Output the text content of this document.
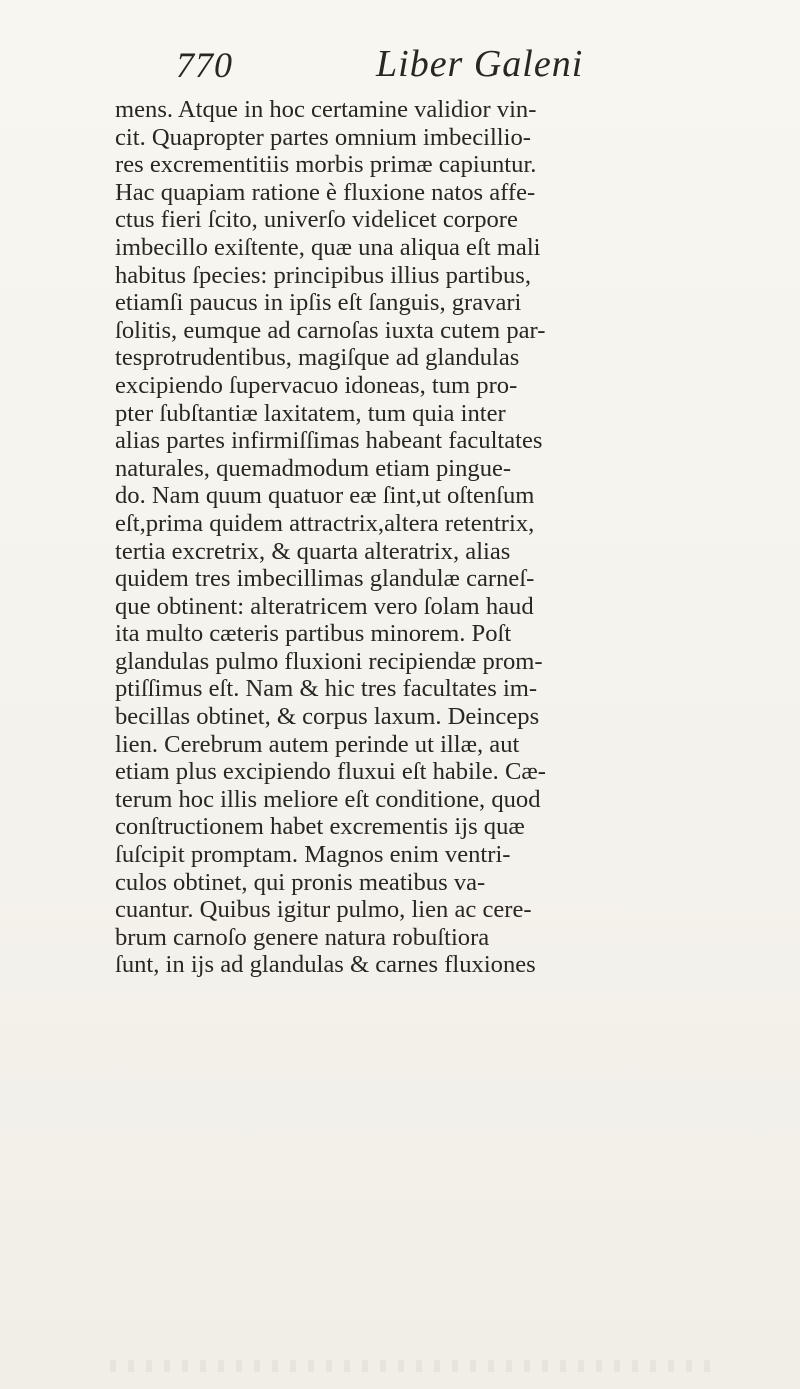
770	Liber Galeni
mens. Atque in hoc certamine validior vin-
cit. Quapropter partes omnium imbecillio-
res excrementitiis morbis primæ capiuntur.
Hac quapiam ratione è fluxione natos affe-
ctus fieri ſcito, univerſo videlicet corpore
imbecillo exiſtente, quæ una aliqua eſt mali
habitus ſpecies: principibus illius partibus,
etiamſi paucus in ipſis eſt ſanguis, gravari
ſolitis, eumque ad carnoſas iuxta cutem par-
tesprotrudentibus, magiſque ad glandulas
excipiendo ſupervacuo idoneas, tum pro-
pter ſubſtantiæ laxitatem, tum quia inter
alias partes infirmiſſimas habeant facultates
naturales, quemadmodum etiam pingue-
do. Nam quum quatuor eæ ſint,ut oſtenſum
eſt,prima quidem attractrix,altera retentrix,
tertia excretrix, & quarta alteratrix, alias
quidem tres imbecillimas glandulæ carneſ-
que obtinent: alteratricem vero ſolam haud
ita multo cæteris partibus minorem. Poſt
glandulas pulmo fluxioni recipiendæ prom-
ptiſſimus eſt. Nam & hic tres facultates im-
becillas obtinet, & corpus laxum. Deinceps
lien. Cerebrum autem perinde ut illæ, aut
etiam plus excipiendo fluxui eſt habile. Cæ-
terum hoc illis meliore eſt conditione, quod
conſtructionem habet excrementis ijs quæ
ſuſcipit promptam. Magnos enim ventri-
culos obtinet, qui pronis meatibus va-
cuantur. Quibus igitur pulmo, lien ac cere-
brum carnoſo genere natura robuſtiora
ſunt, in ijs ad glandulas & carnes fluxiones
